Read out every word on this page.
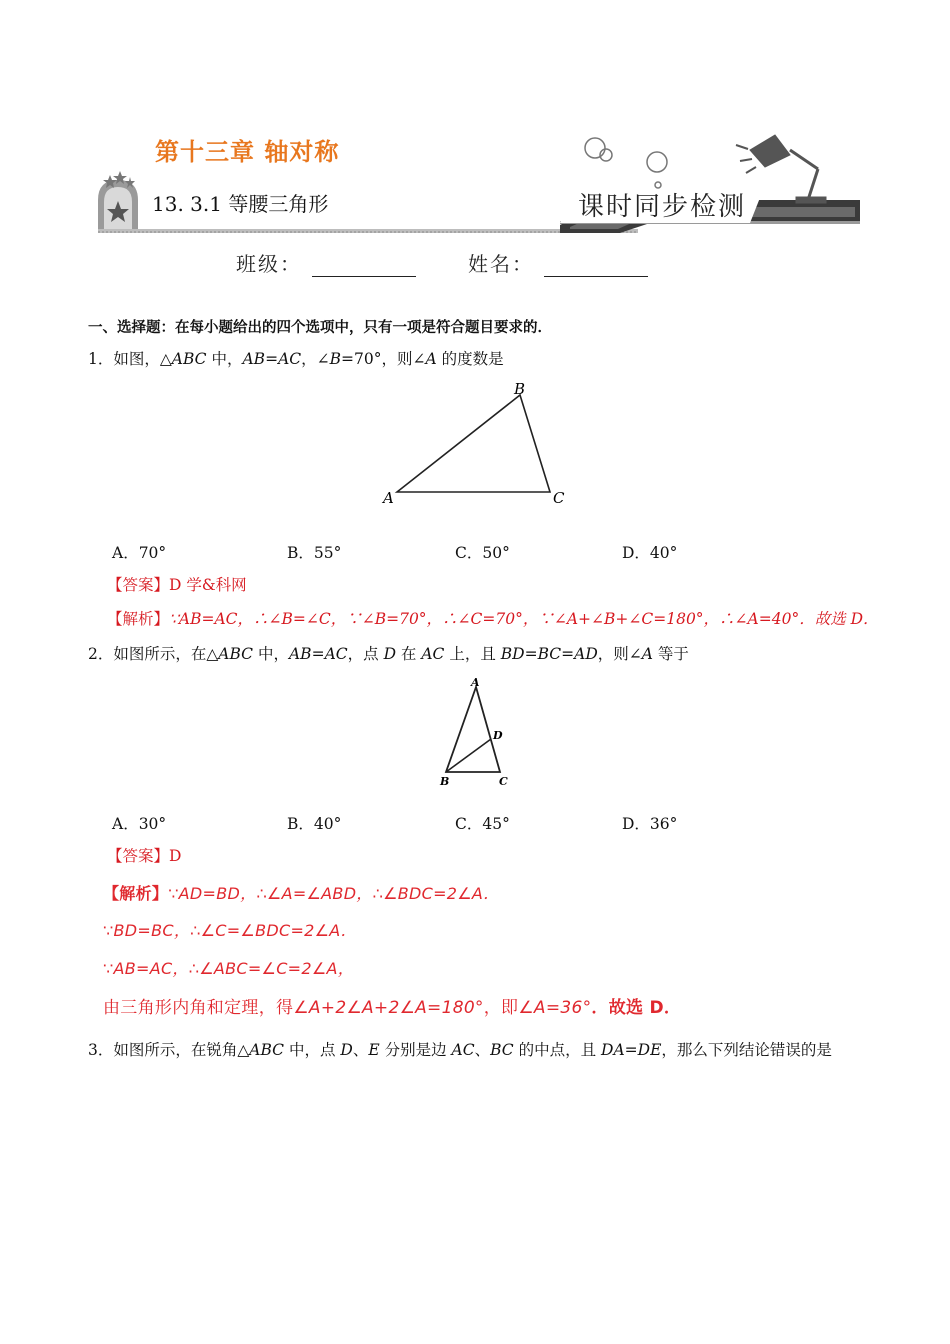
第十三章 轴对称
13. 3.1 等腰三角形	课时同步检测
班级：	姓名：
一、选择题：在每小题给出的四个选项中，只有一项是符合题目要求的．
1．如图，△ABC 中，AB=AC，∠B=70°，则∠A 的度数是
A
B
C
A．70°	B．55°	C．50°	D．40°
【答案】D 学&科网
【解析】∵AB=AC，∴∠B=∠C，∵∠B=70°，∴∠C=70°，∵∠A+∠B+∠C=180°，∴∠A=40°．故选 D．
2．如图所示，在△ABC 中，AB=AC，点 D 在 AC 上，且 BD=BC=AD，则∠A 等于
A
D
B	C
A．30°	B．40°	C．45°	D．36°
【答案】D
【解析】∵AD=BD，∴∠A=∠ABD，∴∠BDC=2∠A．
∵BD=BC，∴∠C=∠BDC=2∠A．
∵AB=AC，∴∠ABC=∠C=2∠A，
由三角形内角和定理，得∠A+2∠A+2∠A=180°，即∠A=36°．故选 D．
3．如图所示，在锐角△ABC 中，点 D、E 分别是边 AC、BC 的中点，且 DA=DE，那么下列结论错误的是
